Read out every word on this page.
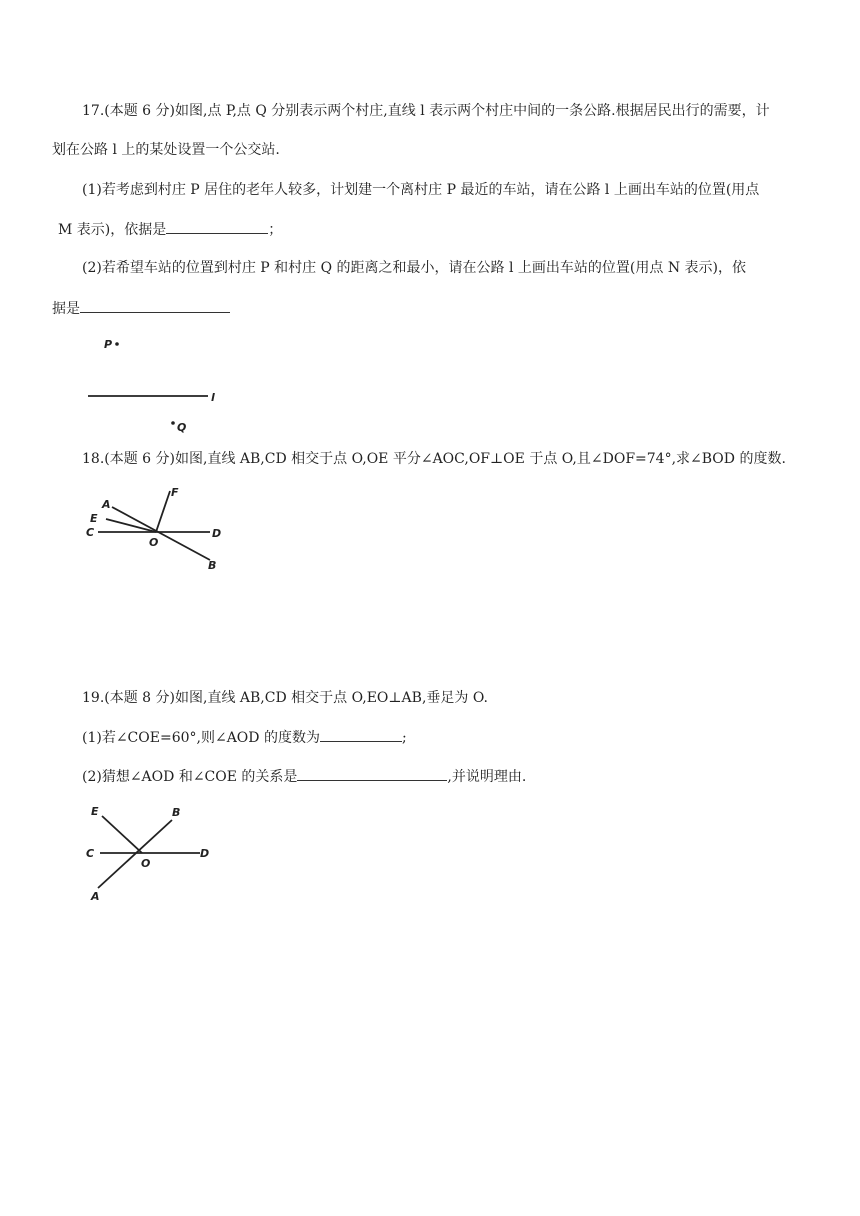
17.(本题 6 分)如图,点 P,点 Q 分别表示两个村庄,直线 l 表示两个村庄中间的一条公路.根据居民出行的需要，计
划在公路 l 上的某处设置一个公交站.
(1)若考虑到村庄 P 居住的老年人较多，计划建一个离村庄 P 最近的车站，请在公路 l 上画出车站的位置(用点
M 表示)，依据是	；
(2)若希望车站的位置到村庄 P 和村庄 Q 的距离之和最小，请在公路 l 上画出车站的位置(用点 N 表示)，依
据是
P
l
Q
18.(本题 6 分)如图,直线 AB,CD 相交于点 O,OE 平分∠AOC,OF⊥OE 于点 O,且∠DOF=74°,求∠BOD 的度数.
A
E
C
F
O
D
B
19.(本题 8 分)如图,直线 AB,CD 相交于点 O,EO⊥AB,垂足为 O.
(1)若∠COE=60°,则∠AOD 的度数为	;
(2)猜想∠AOD 和∠COE 的关系是	,并说明理由.
E	B
C
O
D
A
